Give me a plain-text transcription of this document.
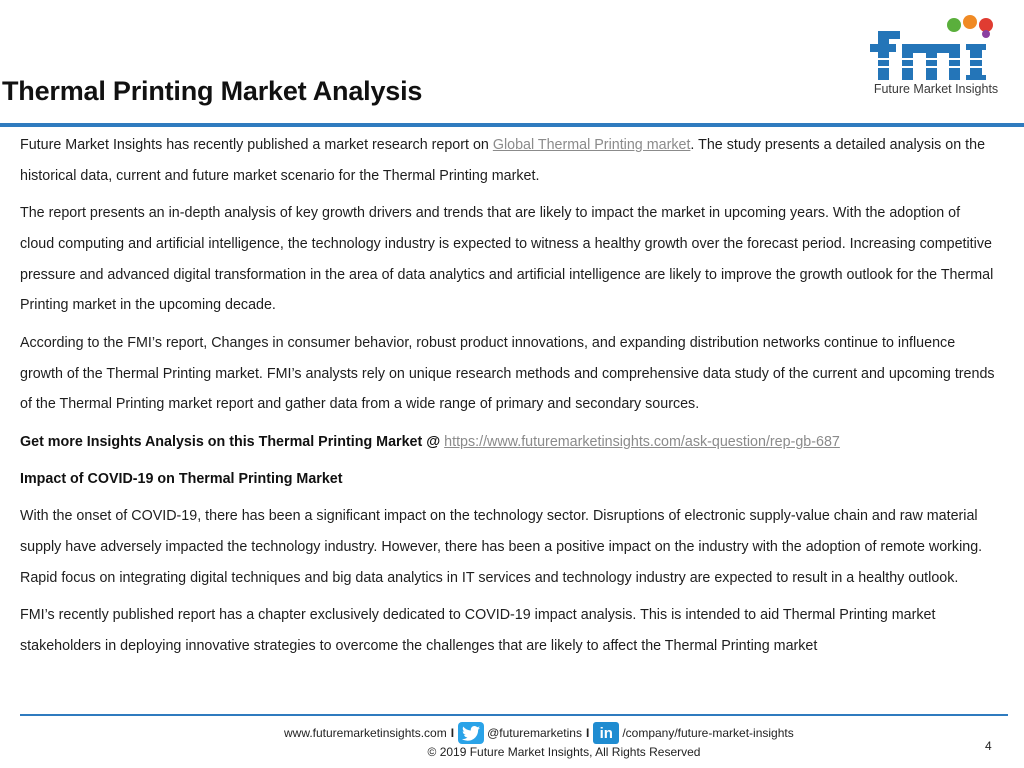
Future Market Insights
Thermal Printing Market Analysis

Future Market Insights has recently published a market research report on Global Thermal Printing market. The study presents a detailed analysis on the historical data, current and future market scenario for the Thermal Printing market.

The report presents an in-depth analysis of key growth drivers and trends that are likely to impact the market in upcoming years. With the adoption of cloud computing and artificial intelligence, the technology industry is expected to witness a healthy growth over the forecast period. Increasing competitive pressure and advanced digital transformation in the area of data analytics and artificial intelligence are likely to improve the growth outlook for the Thermal Printing market in the upcoming decade.

According to the FMI’s report, Changes in consumer behavior, robust product innovations, and expanding distribution networks continue to influence growth of the Thermal Printing market. FMI’s analysts rely on unique research methods and comprehensive data study of the current and upcoming trends of the Thermal Printing market report and gather data from a wide range of primary and secondary sources.

Get more Insights Analysis on this Thermal Printing Market @ https://www.futuremarketinsights.com/ask-question/rep-gb-687

Impact of COVID-19 on Thermal Printing Market

With the onset of COVID-19, there has been a significant impact on the technology sector. Disruptions of electronic supply-value chain and raw material supply have adversely impacted the technology industry. However, there has been a positive impact on the industry with the adoption of remote working. Rapid focus on integrating digital techniques and big data analytics in IT services and technology industry are expected to result in a healthy outlook.

FMI’s recently published report has a chapter exclusively dedicated to COVID-19 impact analysis. This is intended to aid Thermal Printing market stakeholders in deploying innovative strategies to overcome the challenges that are likely to affect the Thermal Printing market

www.futuremarketinsights.com I	@futuremarketins I in /company/future-market-insights
© 2019 Future Market Insights, All Rights Reserved	4
